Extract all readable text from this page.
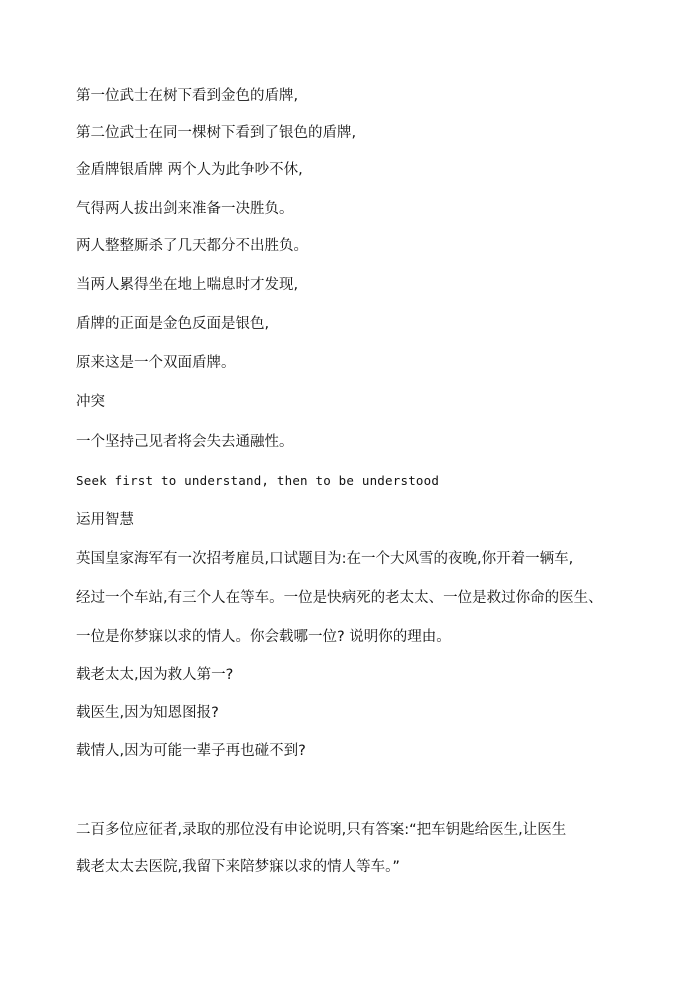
第一位武士在树下看到金色的盾牌,
第二位武士在同一棵树下看到了银色的盾牌,
金盾牌银盾牌 两个人为此争吵不休,
气得两人拔出剑来准备一决胜负。
两人整整厮杀了几天都分不出胜负。
当两人累得坐在地上喘息时才发现,
盾牌的正面是金色反面是银色,
原来这是一个双面盾牌。
冲突
一个坚持己见者将会失去通融性。
Seek first to understand, then to be understood
运用智慧
英国皇家海军有一次招考雇员,口试题目为:在一个大风雪的夜晚,你开着一辆车,
经过一个车站,有三个人在等车。一位是快病死的老太太、一位是救过你命的医生、
一位是你梦寐以求的情人。你会载哪一位? 说明你的理由。
载老太太,因为救人第一?
载医生,因为知恩图报?
载情人,因为可能一辈子再也碰不到?
二百多位应征者,录取的那位没有申论说明,只有答案:“把车钥匙给医生,让医生
载老太太去医院,我留下来陪梦寐以求的情人等车。”
